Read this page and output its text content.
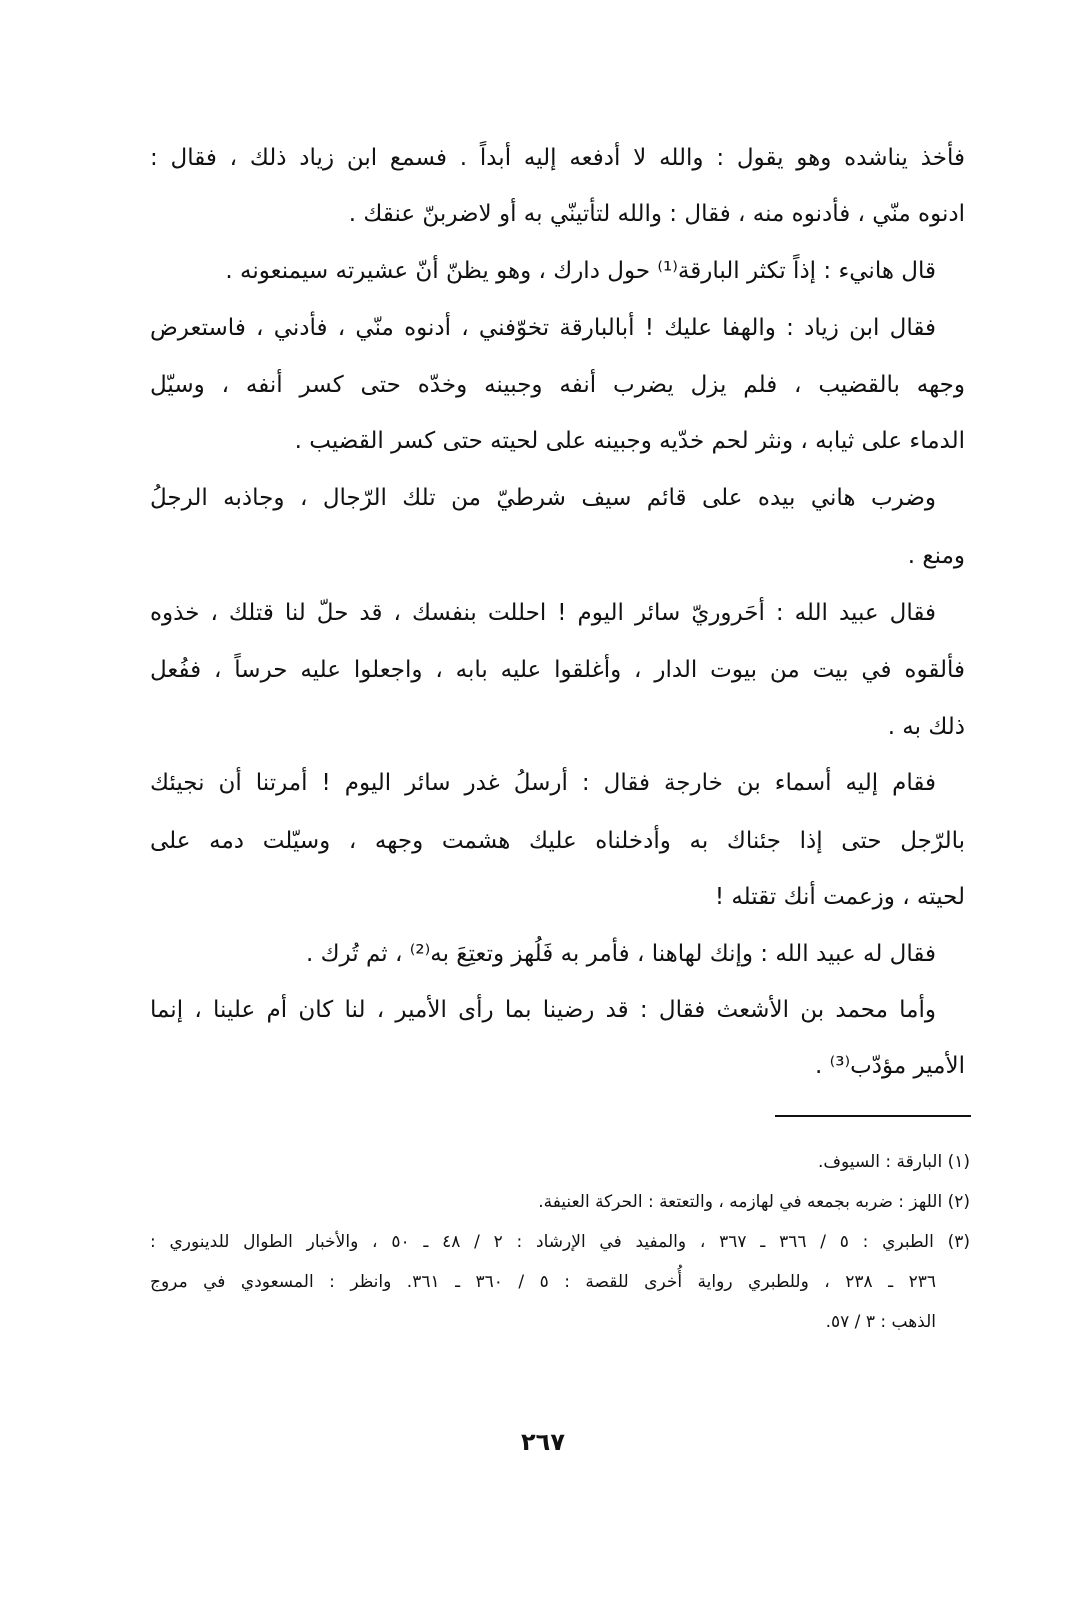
فأخذ يناشده وهو يقول : والله لا أدفعه إليه أبداً . فسمع ابن زياد ذلك ، فقال :
ادنوه منّي ، فأدنوه منه ، فقال : والله لتأتينّي به أو لاضربنّ عنقك .
قال هانيء : إذاً تكثر البارقة⁽¹⁾ حول دارك ، وهو يظنّ أنّ عشيرته سيمنعونه .
فقال ابن زياد : والهفا عليك ! أبالبارقة تخوّفني ، أدنوه منّي ، فأدني ، فاستعرض
وجهه بالقضيب ، فلم يزل يضرب أنفه وجبينه وخدّه حتى كسر أنفه ، وسيّل
الدماء على ثيابه ، ونثر لحم خدّيه وجبينه على لحيته حتى كسر القضيب .
وضرب هاني بيده على قائم سيف شرطيّ من تلك الرّجال ، وجاذبه الرجلُ
ومنع .
فقال عبيد الله : أحَروريّ سائر اليوم ! احللت بنفسك ، قد حلّ لنا قتلك ، خذوه
فألقوه في بيت من بيوت الدار ، وأغلقوا عليه بابه ، واجعلوا عليه حرساً ، ففُعل
ذلك به .
فقام إليه أسماء بن خارجة فقال : أرسلُ غدر سائر اليوم ! أمرتنا أن نجيئك
بالرّجل حتى إذا جئناك به وأدخلناه عليك هشمت وجهه ، وسيّلت دمه على
لحيته ، وزعمت أنك تقتله !
فقال له عبيد الله : وإنك لهاهنا ، فأمر به فَلُهز وتعتِعَ به⁽²⁾ ، ثم تُرك .
وأما محمد بن الأشعث فقال : قد رضينا بما رأى الأمير ، لنا كان أم علينا ، إنما
الأمير مؤدّب⁽³⁾ .
(١) البارقة : السيوف.
(٢) اللهز : ضربه بجمعه في لهازمه ، والتعتعة : الحركة العنيفة.
(٣) الطبري : ٥ / ٣٦٦ ـ ٣٦٧ ، والمفيد في الإرشاد : ٢ / ٤٨ ـ ٥٠ ، والأخبار الطوال للدينوري :
٢٣٦ ـ ٢٣٨ ، وللطبري رواية أُخرى للقصة : ٥ / ٣٦٠ ـ ٣٦١. وانظر : المسعودي في مروج
الذهب : ٣ / ٥٧.
٢٦٧
